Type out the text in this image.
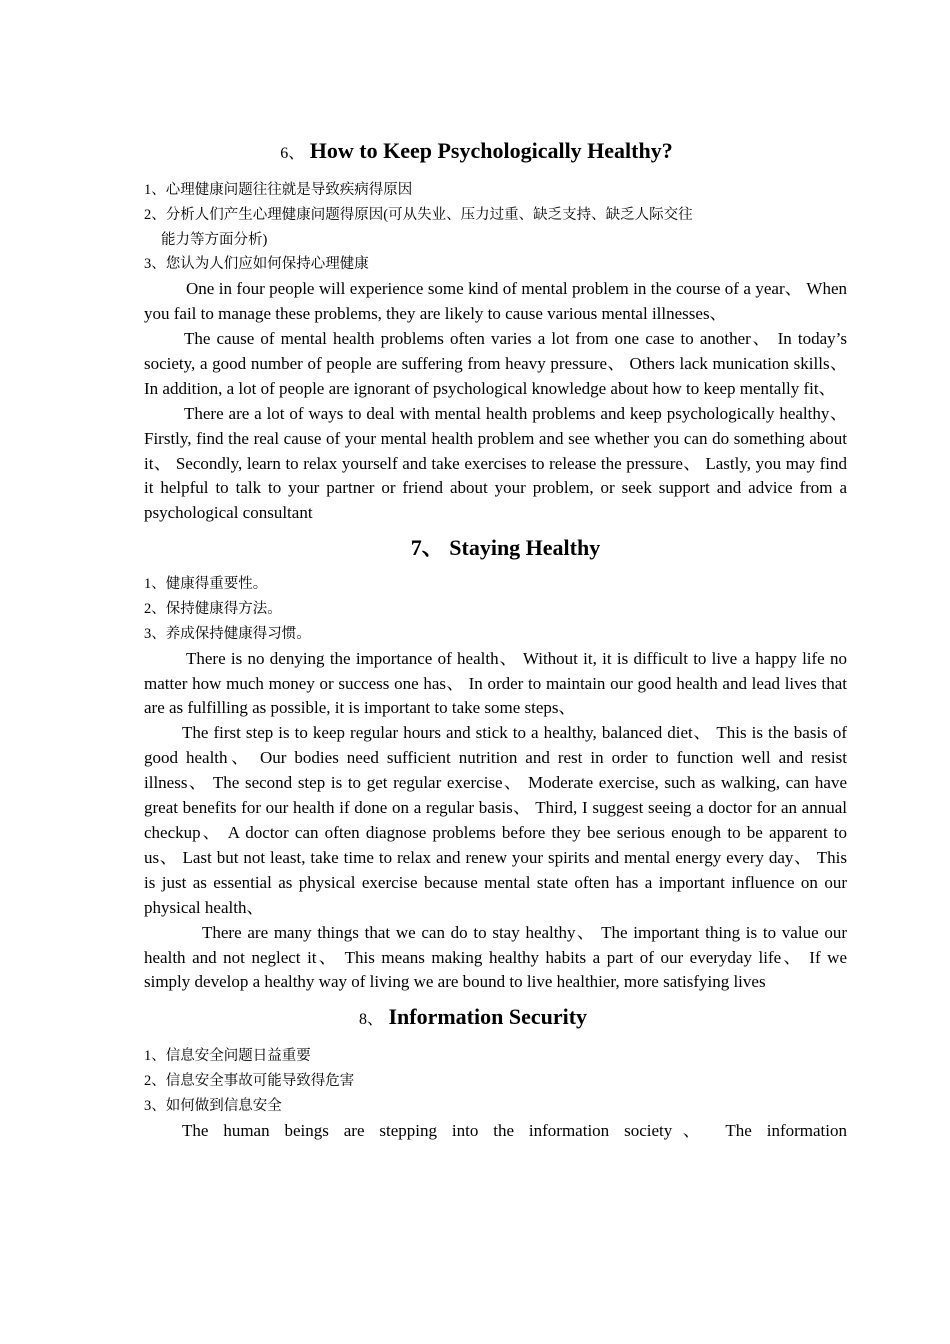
6、 How to Keep Psychologically Healthy?

1、心理健康问题往往就是导致疾病得原因

2、分析人们产生心理健康问题得原因(可从失业、压力过重、缺乏支持、缺乏人际交往
能力等方面分析)

3、您认为人们应如何保持心理健康

One in four people will experience some kind of mental problem in the course of a year、 When you fail to manage these problems, they are likely to cause various mental illnesses、

The cause of mental health problems often varies a lot from one case to another、 In today’s society, a good number of people are suffering from heavy pressure、 Others lack munication skills、 In addition, a lot of people are ignorant of psychological knowledge about how to keep mentally fit、

There are a lot of ways to deal with mental health problems and keep psychologically healthy、 Firstly, find the real cause of your mental health problem and see whether you can do something about it、 Secondly, learn to relax yourself and take exercises to release the pressure、 Lastly, you may find it helpful to talk to your partner or friend about your problem, or seek support and advice from a psychological consultant

7、 Staying Healthy

1、健康得重要性。

2、保持健康得方法。

3、养成保持健康得习惯。

There is no denying the importance of health、 Without it, it is difficult to live a happy life no matter how much money or success one has、 In order to maintain our good health and lead lives that are as fulfilling as possible, it is important to take some steps、

The first step is to keep regular hours and stick to a healthy, balanced diet、 This is the basis of good health、 Our bodies need sufficient nutrition and rest in order to function well and resist illness、 The second step is to get regular exercise、 Moderate exercise, such as walking, can have great benefits for our health if done on a regular basis、 Third, I suggest seeing a doctor for an annual checkup、 A doctor can often diagnose problems before they bee serious enough to be apparent to us、 Last but not least, take time to relax and renew your spirits and mental energy every day、 This is just as essential as physical exercise because mental state often has a important influence on our physical health、

There are many things that we can do to stay healthy、 The important thing is to value our health and not neglect it、 This means making healthy habits a part of our everyday life、 If we simply develop a healthy way of living we are bound to live healthier, more satisfying lives

8、 Information Security

1、信息安全问题日益重要

2、信息安全事故可能导致得危害

3、如何做到信息安全

The human beings are stepping into the information society、 The information
